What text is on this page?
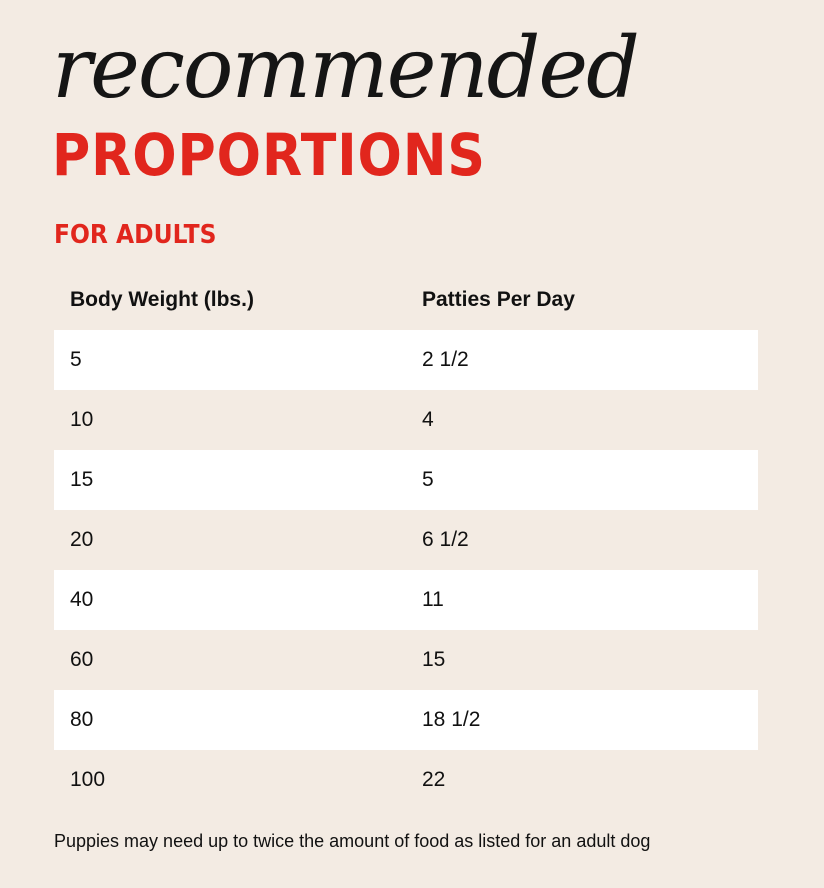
recommended
PROPORTIONS
FOR ADULTS
Body Weight (lbs.)	Patties Per Day
5	2 1/2
10	4
15	5
20	6 1/2
40	11
60	15
80	18 1/2
100	22
Puppies may need up to twice the amount of food as listed for an adult dog
